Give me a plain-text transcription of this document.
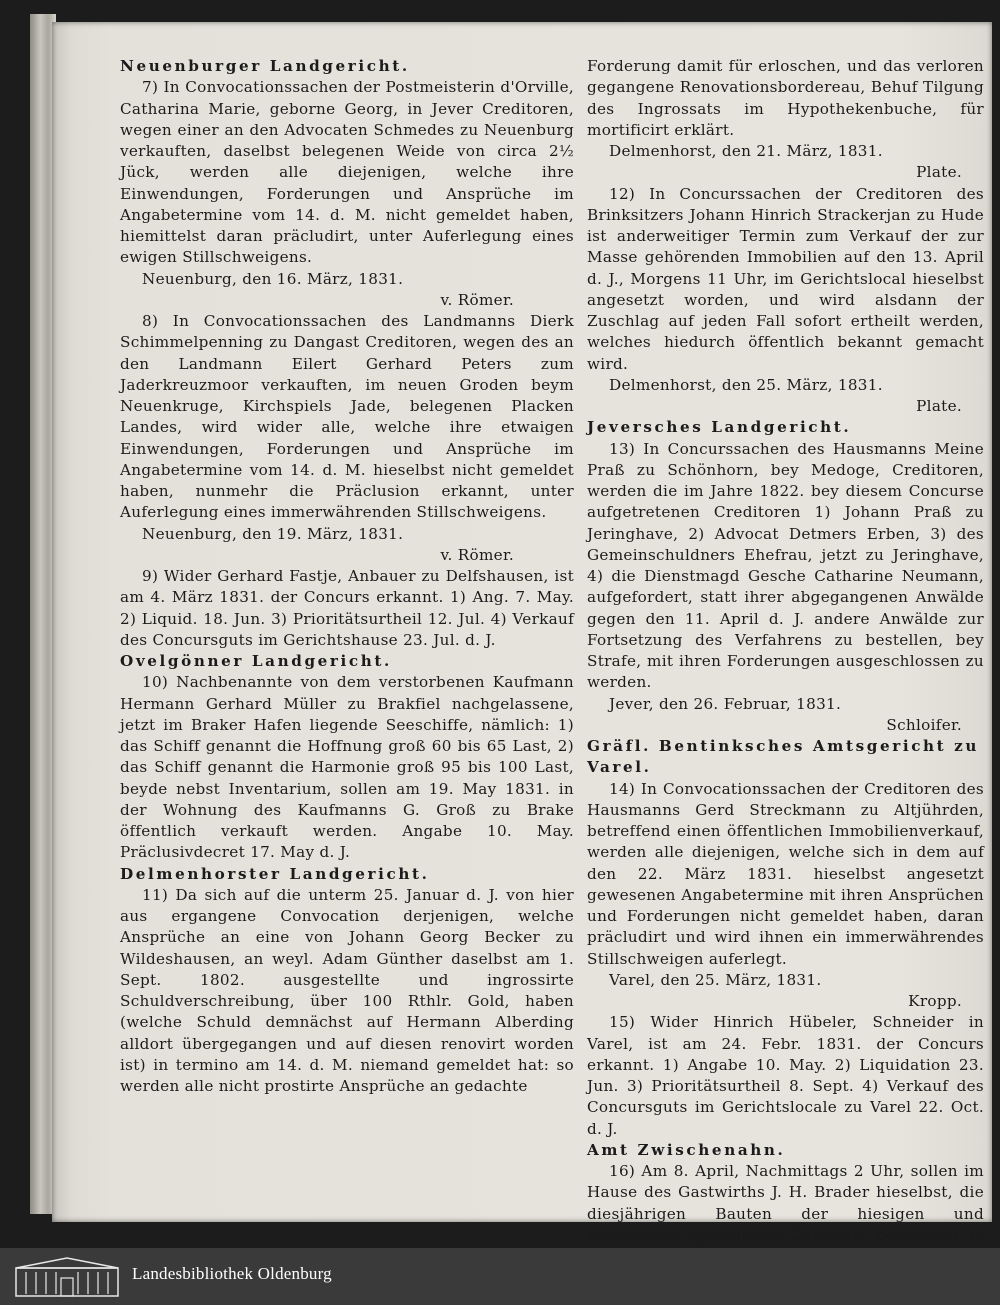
Neuenburger Landgericht.

7) In Convocationssachen der Postmeisterin d'Orville, Catharina Marie, geborne Georg, in Jever Creditoren, wegen einer an den Advocaten Schmedes zu Neuenburg verkauften, daselbst belegenen Weide von circa 2½ Jück, werden alle diejenigen, welche ihre Einwendungen, Forderungen und Ansprüche im Angabetermine vom 14. d. M. nicht gemeldet haben, hiemittelst daran präcludirt, unter Auferlegung eines ewigen Stillschweigens.

Neuenburg, den 16. März, 1831.

v. Römer.

8) In Convocationssachen des Landmanns Dierk Schimmelpenning zu Dangast Creditoren, wegen des an den Landmann Eilert Gerhard Peters zum Jaderkreuzmoor verkauften, im neuen Groden beym Neuenkruge, Kirchspiels Jade, belegenen Placken Landes, wird wider alle, welche ihre etwaigen Einwendungen, Forderungen und Ansprüche im Angabetermine vom 14. d. M. hieselbst nicht gemeldet haben, nunmehr die Präclusion erkannt, unter Auferlegung eines immerwährenden Stillschweigens.

Neuenburg, den 19. März, 1831.

v. Römer.

9) Wider Gerhard Fastje, Anbauer zu Delfshausen, ist am 4. März 1831. der Concurs erkannt. 1) Ang. 7. May. 2) Liquid. 18. Jun. 3) Prioritätsurtheil 12. Jul. 4) Verkauf des Concursguts im Gerichtshause 23. Jul. d. J.

Ovelgönner Landgericht.

10) Nachbenannte von dem verstorbenen Kaufmann Hermann Gerhard Müller zu Brakfiel nachgelassene, jetzt im Braker Hafen liegende Seeschiffe, nämlich: 1) das Schiff genannt die Hoffnung groß 60 bis 65 Last, 2) das Schiff genannt die Harmonie groß 95 bis 100 Last, beyde nebst Inventarium, sollen am 19. May 1831. in der Wohnung des Kaufmanns G. Groß zu Brake öffentlich verkauft werden. Angabe 10. May. Präclusivdecret 17. May d. J.

Delmenhorster Landgericht.

11) Da sich auf die unterm 25. Januar d. J. von hier aus ergangene Convocation derjenigen, welche Ansprüche an eine von Johann Georg Becker zu Wildeshausen, an weyl. Adam Günther daselbst am 1. Sept. 1802. ausgestellte und ingrossirte Schuldverschreibung, über 100 Rthlr. Gold, haben (welche Schuld demnächst auf Hermann Alberding alldort übergegangen und auf diesen renovirt worden ist) in termino am 14. d. M. niemand gemeldet hat: so werden alle nicht prostirte Ansprüche an gedachte

Forderung damit für erloschen, und das verloren gegangene Renovationsbordereau, Behuf Tilgung des Ingrossats im Hypothekenbuche, für mortificirt erklärt.

Delmenhorst, den 21. März, 1831.

Plate.

12) In Concurssachen der Creditoren des Brinksitzers Johann Hinrich Strackerjan zu Hude ist anderweitiger Termin zum Verkauf der zur Masse gehörenden Immobilien auf den 13. April d. J., Morgens 11 Uhr, im Gerichtslocal hieselbst angesetzt worden, und wird alsdann der Zuschlag auf jeden Fall sofort ertheilt werden, welches hiedurch öffentlich bekannt gemacht wird.

Delmenhorst, den 25. März, 1831.

Plate.

Jeversches Landgericht.

13) In Concurssachen des Hausmanns Meine Praß zu Schönhorn, bey Medoge, Creditoren, werden die im Jahre 1822. bey diesem Concurse aufgetretenen Creditoren 1) Johann Praß zu Jeringhave, 2) Advocat Detmers Erben, 3) des Gemeinschuldners Ehefrau, jetzt zu Jeringhave, 4) die Dienstmagd Gesche Catharine Neumann, aufgefordert, statt ihrer abgegangenen Anwälde gegen den 11. April d. J. andere Anwälde zur Fortsetzung des Verfahrens zu bestellen, bey Strafe, mit ihren Forderungen ausgeschlossen zu werden.

Jever, den 26. Februar, 1831.

Schloifer.

Gräfl. Bentinksches Amtsgericht zu Varel.

14) In Convocationssachen der Creditoren des Hausmanns Gerd Streckmann zu Altjührden, betreffend einen öffentlichen Immobilienverkauf, werden alle diejenigen, welche sich in dem auf den 22. März 1831. hieselbst angesetzt gewesenen Angabetermine mit ihren Ansprüchen und Forderungen nicht gemeldet haben, daran präcludirt und wird ihnen ein immerwährendes Stillschweigen auferlegt.

Varel, den 25. März, 1831.

Kropp.

15) Wider Hinrich Hübeler, Schneider in Varel, ist am 24. Febr. 1831. der Concurs erkannt. 1) Angabe 10. May. 2) Liquidation 23. Jun. 3) Prioritätsurtheil 8. Sept. 4) Verkauf des Concursguts im Gerichtslocale zu Varel 22. Oct. d. J.

Amt Zwischenahn.

16) Am 8. April, Nachmittags 2 Uhr, sollen im Hause des Gastwirths J. H. Brader hieselbst, die diesjährigen Bauten der hiesigen und Edewechter geistlichen Gebäude, bestehend in

Landesbibliothek Oldenburg
